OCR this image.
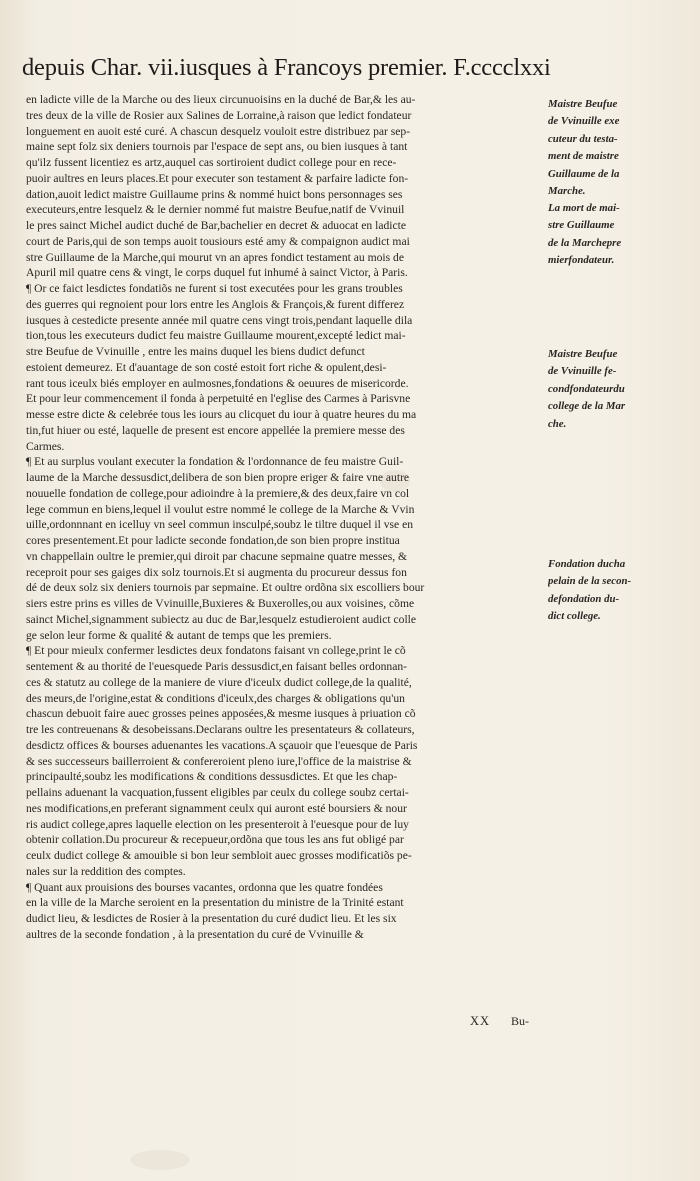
depuis Char. vii.iusques à Francoys premier. F.cccclxxi
en ladicte ville de la Marche ou des lieux circunuoisins en la duché de Bar,& les au-
tres deux de la ville de Rosier aux Salines de Lorraine,à raison que ledict fondateur
longuement en auoit esté curé. A chascun desquelz vouloit estre distribuez par sep-
maine sept folz six deniers tournois par l'espace de sept ans, ou bien iusques à tant
qu'ilz fussent licentiez es artz,auquel cas sortiroient dudict college pour en rece-
puoir aultres en leurs places.Et pour executer son testament & parfaire ladicte fon-
dation,auoit ledict maistre Guillaume prins & nommé huict bons personnages ses
executeurs,entre lesquelz & le dernier nommé fut maistre Beufue,natif de Vvinuil
le pres sainct Michel audict duché de Bar,bachelier en decret & aduocat en ladicte
court de Paris,qui de son temps auoit tousiours esté amy & compaignon audict mai
stre Guillaume de la Marche,qui mourut vn an apres fondict testament au mois de
Apuril mil quatre cens & vingt, le corps duquel fut inhumé à sainct Victor, à Paris.
¶ Or ce faict lesdictes fondatiõs ne furent si tost executées pour les grans troubles
des guerres qui regnoient pour lors entre les Anglois & François,& furent differez
iusques à cestedicte presente année mil quatre cens vingt trois,pendant laquelle dila
tion,tous les executeurs dudict feu maistre Guillaume mourent,excepté ledict mai-
stre Beufue de Vvinuille , entre les mains duquel les biens dudict defunct
estoient demeurez. Et d'auantage de son costé estoit fort riche & opulent,desi-
rant tous iceulx biés employer en aulmosnes,fondations & oeuures de misericorde.
Et pour leur commencement il fonda à perpetuité en l'eglise des Carmes à Parisvne
messe estre dicte & celebrée tous les iours au clicquet du iour à quatre heures du ma
tin,fut hiuer ou esté, laquelle de present est encore appellée la premiere messe des
Carmes.
¶ Et au surplus voulant executer la fondation & l'ordonnance de feu maistre Guil-
laume de la Marche dessusdict,delibera de son bien propre eriger & faire vne autre
nouuelle fondation de college,pour adioindre à la premiere,& des deux,faire vn col
lege commun en biens,lequel il voulut estre nommé le college de la Marche & Vvin
uille,ordonnnant en icelluy vn seel commun insculpé,soubz le tiltre duquel il vse en
cores presentement.Et pour ladicte seconde fondation,de son bien propre institua
vn chappellain oultre le premier,qui diroit par chacune sepmaine quatre messes, &
receproit pour ses gaiges dix solz tournois.Et si augmenta du procureur dessus fon
dé de deux solz six deniers tournois par sepmaine. Et oultre ordõna six escolliers bour
siers estre prins es villes de Vvinuille,Buxieres & Buxerolles,ou aux voisines, cõme
sainct Michel,signamment subiectz au duc de Bar,lesquelz estudieroient audict colle
ge selon leur forme & qualité & autant de temps que les premiers.
¶ Et pour mieulx confermer lesdictes deux fondatons faisant vn college,print le cõ
sentement & au thorité de l'euesquede Paris dessusdict,en faisant belles ordonnan-
ces & statutz au college de la maniere de viure d'iceulx dudict college,de la qualité,
des meurs,de l'origine,estat & conditions d'iceulx,des charges & obligations qu'un
chascun debuoit faire auec grosses peines apposées,& mesme iusques à priuation cõ
tre les contreuenans & desobeissans.Declarans oultre les presentateurs & collateurs,
desdictz offices & bourses aduenantes les vacations.A sçauoir que l'euesque de Paris
& ses successeurs baillerroient & confereroient pleno iure,l'office de la maistrise &
principaulté,soubz les modifications & conditions dessusdictes. Et que les chap-
pellains aduenant la vacquation,fussent eligibles par ceulx du college soubz certai-
nes modifications,en preferant signamment ceulx qui auront esté boursiers & nour
ris audict college,apres laquelle election on les presenteroit à l'euesque pour de luy
obtenir collation.Du procureur & recepueur,ordõna que tous les ans fut obligé par
ceulx dudict college & amouible si bon leur sembloit auec grosses modificatiõs pe-
nales sur la reddition des comptes.
¶ Quant aux prouisions des bourses vacantes, ordonna que les quatre fondées
en la ville de la Marche seroient en la presentation du ministre de la Trinité estant
dudict lieu, & lesdictes de Rosier à la presentation du curé dudict lieu. Et les six
aultres de la seconde fondation , à la presentation du curé de Vvinuille &
Maistre Beufue
de Vvinuille exe
cuteur du testa-
ment de maistre
Guillaume de la
Marche.
La mort de mai-
stre Guillaume
de la Marchepre
mierfondateur.
Maistre Beufue
de Vvinuille fe-
condfondateurdu
college de la Mar
che.
Fondation ducha
pelain de la secon-
defondation du-
dict college.
XX Bu-
